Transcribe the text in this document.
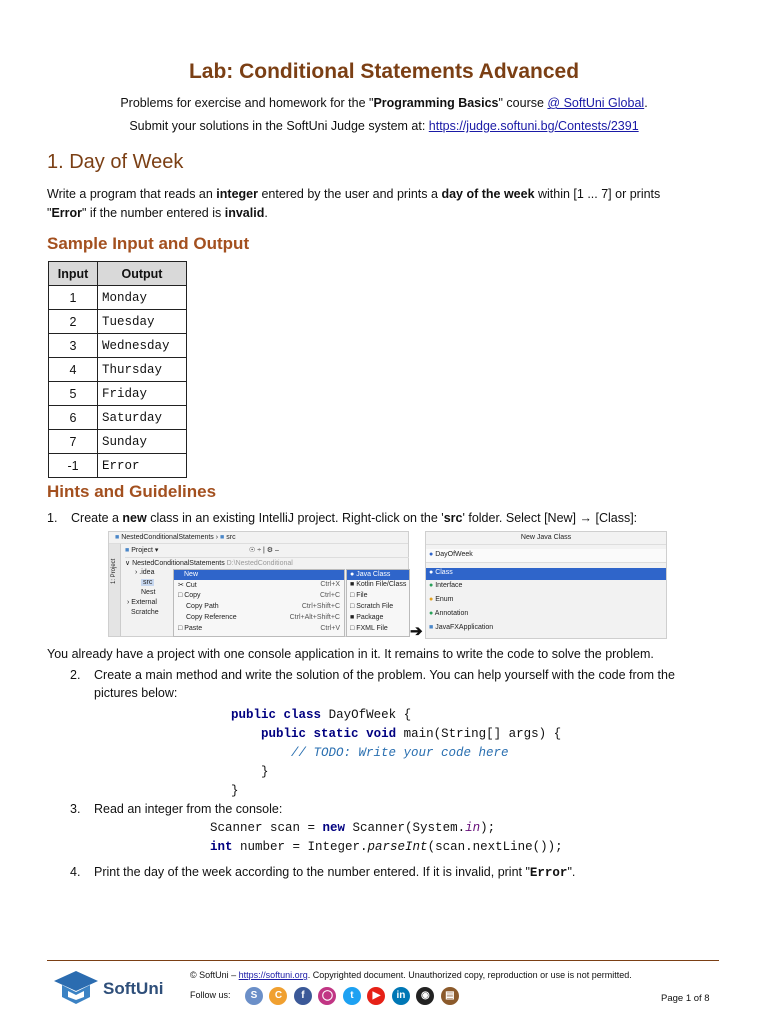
Lab: Conditional Statements Advanced
Problems for exercise and homework for the "Programming Basics" course @ SoftUni Global.
Submit your solutions in the SoftUni Judge system at: https://judge.softuni.bg/Contests/2391
1. Day of Week
Write a program that reads an integer entered by the user and prints a day of the week within [1 ... 7] or prints
"Error" if the number entered is invalid.
Sample Input and Output
Input	Output
1	Monday
2	Tuesday
3	Wednesday
4	Thursday
5	Friday
6	Saturday
7	Sunday
-1	Error
Hints and Guidelines
1. Create a new class in an existing IntelliJ project. Right-click on the 'src' folder. Select [New] → [Class]:
■ NestedConditionalStatements › ■ src
1: Project
■ Project ▾	☉ ÷ | ⚙ –
∨ NestedConditionalStatements D:\NestedConditional
› .idea
src
Nest
› External
Scratche
New
✂ Cut	Ctrl+X
□ Copy	Ctrl+C
Copy Path	Ctrl+Shift+C
Copy Reference	Ctrl+Alt+Shift+C
□ Paste	Ctrl+V
● Java Class
■ Kotlin File/Class
□ File
□ Scratch File
■ Package
□ FXML File	➔
New Java Class
● DayOfWeek
● Class
● Interface
● Enum
● Annotation
■ JavaFXApplication
You already have a project with one console application in it. It remains to write the code to solve the problem.
2. Create a main method and write the solution of the problem. You can help yourself with the code from the
pictures below:
public class DayOfWeek {
public static void main(String[] args) {
// TODO: Write your code here
}
}
3. Read an integer from the console:
Scanner scan = new Scanner(System.in);
int number = Integer.parseInt(scan.nextLine());
4. Print the day of the week according to the number entered. If it is invalid, print "Error".
SoftUni
© SoftUni – https://softuni.org. Copyrighted document. Unauthorized copy, reproduction or use is not permitted.
Follow us:	S C f ◯ t ▶ in ◉ ▤	Page 1 of 8
